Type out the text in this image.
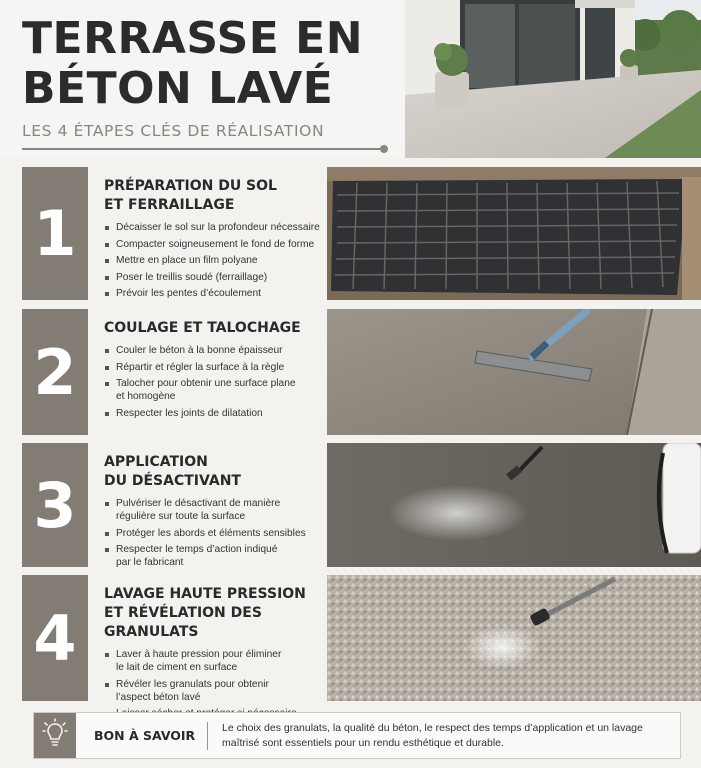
TERRASSE EN
BÉTON LAVÉ
LES 4 ÉTAPES CLÉS DE RÉALISATION
1
PRÉPARATION DU SOL
ET FERRAILLAGE
Décaisser le sol sur la profondeur nécessaire
Compacter soigneusement le fond de forme
Mettre en place un film polyane
Poser le treillis soudé (ferraillage)
Prévoir les pentes d’écoulement
2
COULAGE ET TALOCHAGE
Couler le béton à la bonne épaisseur
Répartir et régler la surface à la règle
Talocher pour obtenir une surface plane
et homogène
Respecter les joints de dilatation
3
APPLICATION
DU DÉSACTIVANT
Pulvériser le désactivant de manière
régulière sur toute la surface
Protéger les abords et éléments sensibles
Respecter le temps d’action indiqué
par le fabricant
4
LAVAGE HAUTE PRESSION
ET RÉVÉLATION DES GRANULATS
Laver à haute pression pour éliminer
le lait de ciment en surface
Révéler les granulats pour obtenir
l’aspect béton lavé
BON À SAVOIR	Le choix des granulats, la qualité du béton, le respect des temps d’application et un lavage maîtrisé sont essentiels pour un rendu esthétique et durable.
